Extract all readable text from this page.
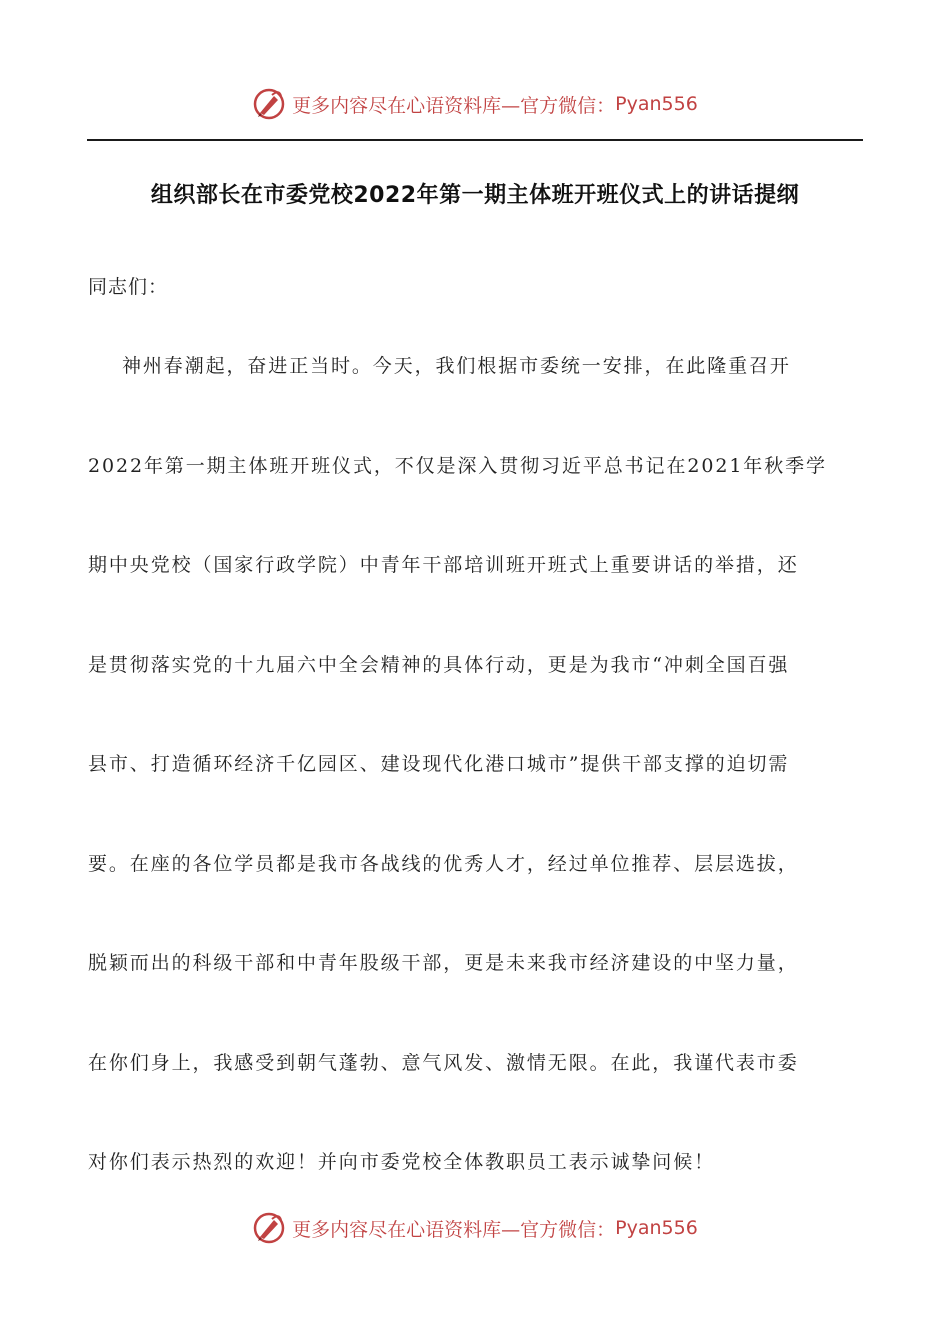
更多内容尽在心语资料库—官方微信： Pyan556
组织部长在市委党校2022年第一期主体班开班仪式上的讲话提纲
同志们：
神州春潮起，奋进正当时。今天，我们根据市委统一安排，在此隆重召开
2022年第一期主体班开班仪式，不仅是深入贯彻习近平总书记在2021年秋季学
期中央党校（国家行政学院）中青年干部培训班开班式上重要讲话的举措，还
是贯彻落实党的十九届六中全会精神的具体行动，更是为我市“冲刺全国百强
县市、打造循环经济千亿园区、建设现代化港口城市”提供干部支撑的迫切需
要。在座的各位学员都是我市各战线的优秀人才，经过单位推荐、层层选拔，
脱颖而出的科级干部和中青年股级干部，更是未来我市经济建设的中坚力量，
在你们身上，我感受到朝气蓬勃、意气风发、激情无限。在此，我谨代表市委
对你们表示热烈的欢迎！并向市委党校全体教职员工表示诚挚问候！
更多内容尽在心语资料库—官方微信： Pyan556
